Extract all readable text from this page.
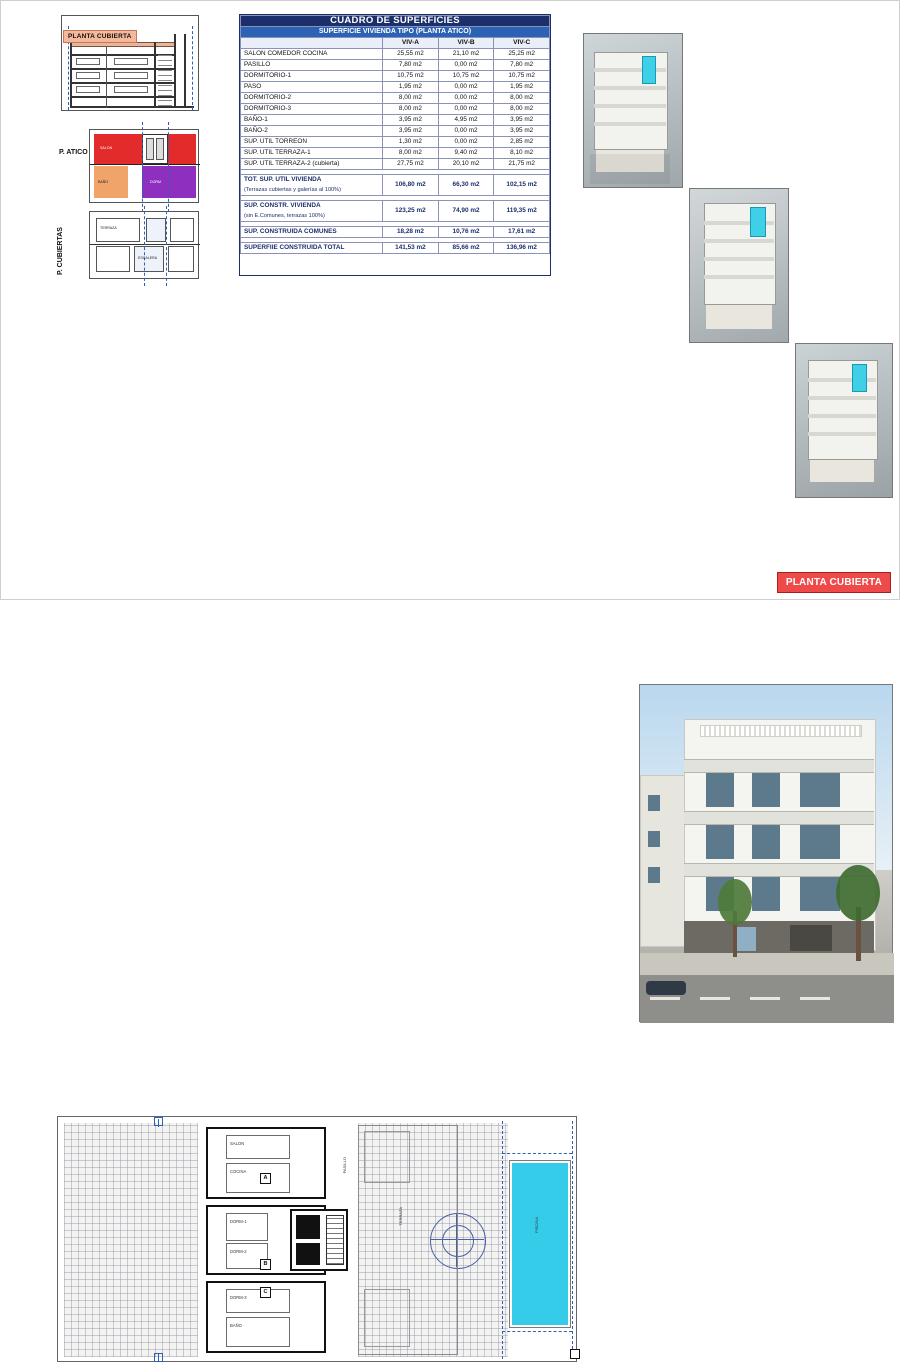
PLANTA CUBIERTA
P. ATICO
SALON
DORM
BAÑO
P. CUBIERTAS	TERRAZA
ESCALERA
CUADRO DE SUPERFICIES			
SUPERFICIE VIVIENDA TIPO (PLANTA ATICO)			
	VIV-A	VIV-B	VIV-C
SALON COMEDOR COCINA	25,55 m2	21,10 m2	25,25 m2
PASILLO	7,80 m2	0,00 m2	7,80 m2
DORMITORIO-1	10,75 m2	10,75 m2	10,75 m2
PASO	1,95 m2	0,00 m2	1,95 m2
DORMITORIO-2	8,00 m2	0,00 m2	8,00 m2
DORMITORIO-3	8,00 m2	0,00 m2	8,00 m2
BAÑO-1	3,95 m2	4,95 m2	3,95 m2
BAÑO-2	3,95 m2	0,00 m2	3,95 m2
SUP. UTIL TORREON	1,30 m2	0,00 m2	2,85 m2
SUP. UTIL TERRAZA-1	8,00 m2	9,40 m2	8,10 m2
SUP. UTIL TERRAZA-2 (cubierta)	27,75 m2	20,10 m2	21,75 m2

TOT. SUP. UTIL VIVIENDA
(Terrazas cubiertas y galerías al 100%)	106,80 m2	66,30 m2	102,15 m2

SUP. CONSTR. VIVIENDA
(sin E.Comunes, terrazas 100%)	123,25 m2	74,90 m2	119,35 m2

SUP. CONSTRUIDA COMUNES	18,28 m2	10,76 m2	17,61 m2

SUPERFIIE CONSTRUIDA TOTAL	141,53 m2	85,66 m2	136,96 m2
PISCINA
A
B
C
SALON
COCINA
DORM-1
DORM-2
DORM-3
BAÑO
TERRAZA
PASILLO
PLANTA CUBIERTA
